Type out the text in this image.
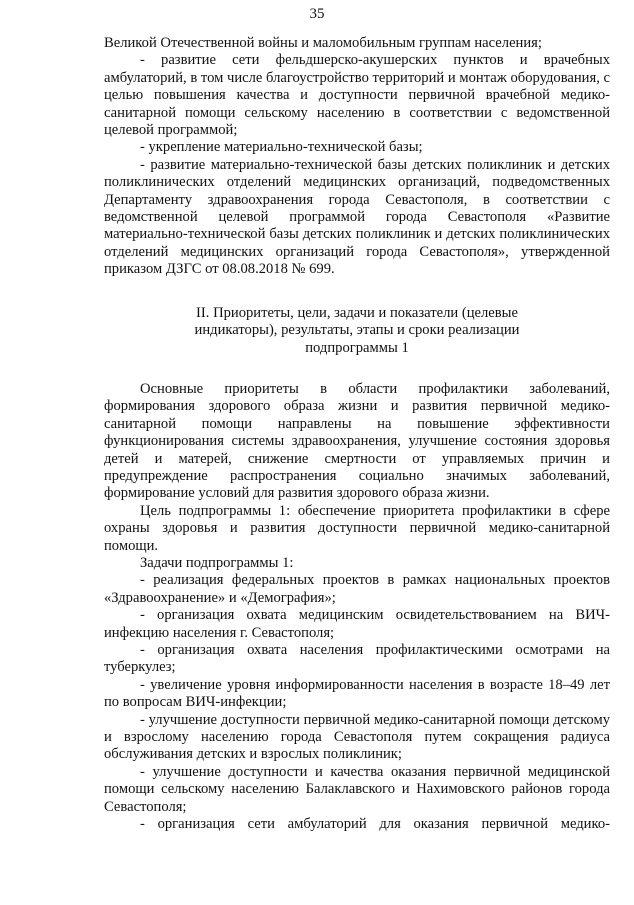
35

Великой Отечественной войны и маломобильным группам населения;

- развитие сети фельдшерско-акушерских пунктов и врачебных амбулаторий, в том числе благоустройство территорий и монтаж оборудования, с целью повышения качества и доступности первичной врачебной медико-санитарной помощи сельскому населению в соответствии с ведомственной целевой программой;

- укрепление материально-технической базы;

- развитие материально-технической базы детских поликлиник и детских поликлинических отделений медицинских организаций, подведомственных Департаменту здравоохранения города Севастополя, в соответствии с ведомственной целевой программой города Севастополя «Развитие материально-технической базы детских поликлиник и детских поликлинических отделений медицинских организаций города Севастополя», утвержденной приказом ДЗГС от 08.08.2018 № 699.

II. Приоритеты, цели, задачи и показатели (целевые
индикаторы), результаты, этапы и сроки реализации
подпрограммы 1

Основные приоритеты в области профилактики заболеваний, формирования здорового образа жизни и развития первичной медико-санитарной помощи направлены на повышение эффективности функционирования системы здравоохранения, улучшение состояния здоровья детей и матерей, снижение смертности от управляемых причин и предупреждение распространения социально значимых заболеваний, формирование условий для развития здорового образа жизни.

Цель подпрограммы 1: обеспечение приоритета профилактики в сфере охраны здоровья и развития доступности первичной медико-санитарной помощи.

Задачи подпрограммы 1:

- реализация федеральных проектов в рамках национальных проектов «Здравоохранение» и «Демография»;

- организация охвата медицинским освидетельствованием на ВИЧ-инфекцию населения г. Севастополя;

- организация охвата населения профилактическими осмотрами на туберкулез;

- увеличение уровня информированности населения в возрасте 18–49 лет по вопросам ВИЧ-инфекции;

- улучшение доступности первичной медико-санитарной помощи детскому и взрослому населению города Севастополя путем сокращения радиуса обслуживания детских и взрослых поликлиник;

- улучшение доступности и качества оказания первичной медицинской помощи сельскому населению Балаклавского и Нахимовского районов города Севастополя;

- организация сети амбулаторий для оказания первичной медико-
